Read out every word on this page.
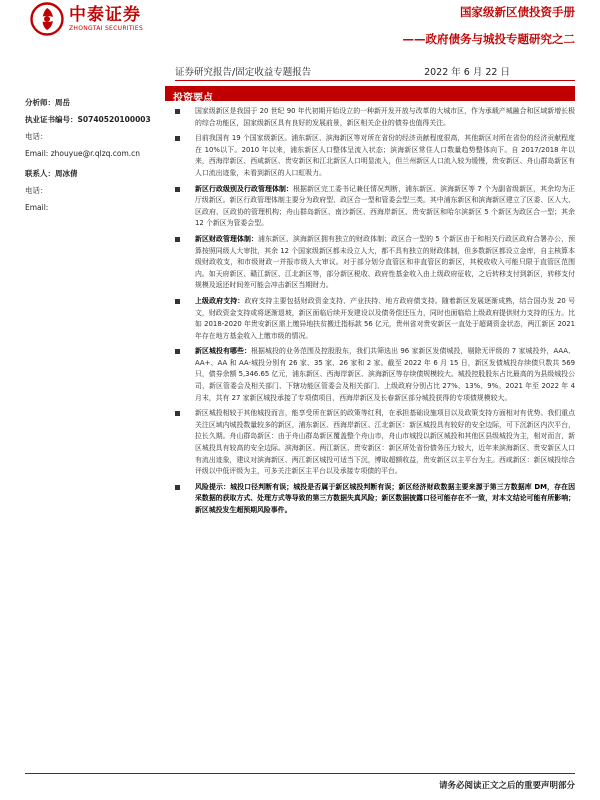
中泰证券
ZHONGTAI SECURITIES
国家级新区债投资手册
——政府债务与城投专题研究之二
证券研究报告/固定收益专题报告	2022 年 6 月 22 日
分析师：周岳
执业证书编号：S0740520100003
电话：
Email: zhouyue@r.qlzq.com.cn
联系人：周冰倩
电话：
Email:
投资要点

国家级新区是我国于 20 世纪 90 年代初期开始设立的一种新开发开放与改革的大城市区，作为承载产城融合和区域新增长极的综合功能区，国家级新区具有良好的发展前景，新区相关企业的债券也值得关注。

目前我国有 19 个国家级新区。浦东新区、滨海新区等对所在省份的经济贡献程度很高，其他新区对所在省份的经济贡献程度在 10%以下。2010 年以来，浦东新区人口整体呈流入状态；滨海新区常住人口数量趋势整体向下。自 2017/2018 年以来，西海岸新区、西咸新区、贵安新区和江北新区人口明显流入，但兰州新区人口流入较为缓慢，贵安新区、舟山群岛新区有人口流出迹象，未看到新区的人口虹吸力。

新区行政级别及行政管理体制：根据新区完工委书记兼任情况判断，浦东新区、滨海新区等 7 个为副省级新区，其余均为正厅级新区。新区行政管理体制主要分为政府型、政区合一型和管委会型三类。其中浦东新区和滨海新区建立了区委、区人大、区政府、区政协的管理机构；舟山群岛新区、南沙新区、西海岸新区、贵安新区和哈尔滨新区 5 个新区为政区合一型；其余 12 个新区为管委会型。

新区财政管理体制：浦东新区、滨海新区拥有独立的财政体制；政区合一型的 5 个新区由于和相关行政区政府合署办公，预算按照同级人大审批，其余 12 个国家级新区都未设立人大，都不具有独立的财政体制，但多数新区都设立金库，自主核算本级财政收支，和市级财政一并报市级人大审议。对于部分划分直管区和非直管区的新区，其税收收入可能只限于直管区范围内。如天府新区、赣江新区、江北新区等，部分新区税收、政府性基金收入由上级政府征收，之后转移支付到新区，转移支付规模及返还时间差可能会冲击新区当期财力。

上级政府支持：政府支持主要包括财政资金支持、产业扶持、地方政府债支持。随着新区发展逐渐成熟，结合国办发 20 号文，财政资金支持或将逐渐退坡，新区面临后续开发建设以及债务偿还压力，同时也面临给上级政府提供财力支持的压力。比如 2018-2020 年贵安新区需上缴异地扶贫搬迁指标款 56 亿元，贵州省对贵安新区一直处于超调资金状态，两江新区 2021 年存在地方基金收入上缴市级的情况。

新区城投有哪些：根据城投的业务范围及控股股东，我们共筛选出 96 家新区发债城投，剔除无评级的 7 家城投外，AAA、AA+、AA 和 AA-城投分别有 26 家、35 家、26 家和 2 家。截至 2022 年 6 月 15 日，新区发债城投存续债只数共 569 只，债券余额 5,346.65 亿元，浦东新区、西海岸新区、滨海新区等存续债规模较大。城投控股股东占比最高的为县级城投公司，新区管委会及相关部门、下辖功能区管委会及相关部门、上级政府分别占比 27%、13%、9%。2021 年至 2022 年 4 月末，共有 27 家新区城投承接了专项债项目，西海岸新区及长春新区部分城投获得的专项债规模较大。

新区城投相较于其他城投而言，能享受所在新区的政策等红利，在承担基础设施项目以及政策支持方面相对有优势。我们重点关注区域内城投数量较多的新区，浦东新区、西海岸新区、江北新区：新区城投具有较好的安全边际，可下沉新区内次平台，拉长久期。舟山群岛新区：由于舟山群岛新区覆盖整个舟山市，舟山市城投以新区城投和其他区县级城投为主，相对而言，新区城投具有较高的安全边际。滨海新区、两江新区、贵安新区：新区所处省份债务压力较大，近年来滨海新区、贵安新区人口有流出迹象，建议对滨海新区、两江新区城投可适当下沉，博取超额收益，贵安新区以主平台为主。西咸新区：新区城投综合评级以中低评级为主，可多关注新区主平台以及承接专项债的平台。

风险提示：城投口径判断有误；城投是否属于新区城投判断有误；新区经济财政数据主要来源于第三方数据库 DM，存在因采数据的获取方式、处理方式等导致的第三方数据失真风险；新区数据披露口径可能存在不一致，对本文结论可能有所影响；新区城投发生超预期风险事件。

请务必阅读正文之后的重要声明部分
